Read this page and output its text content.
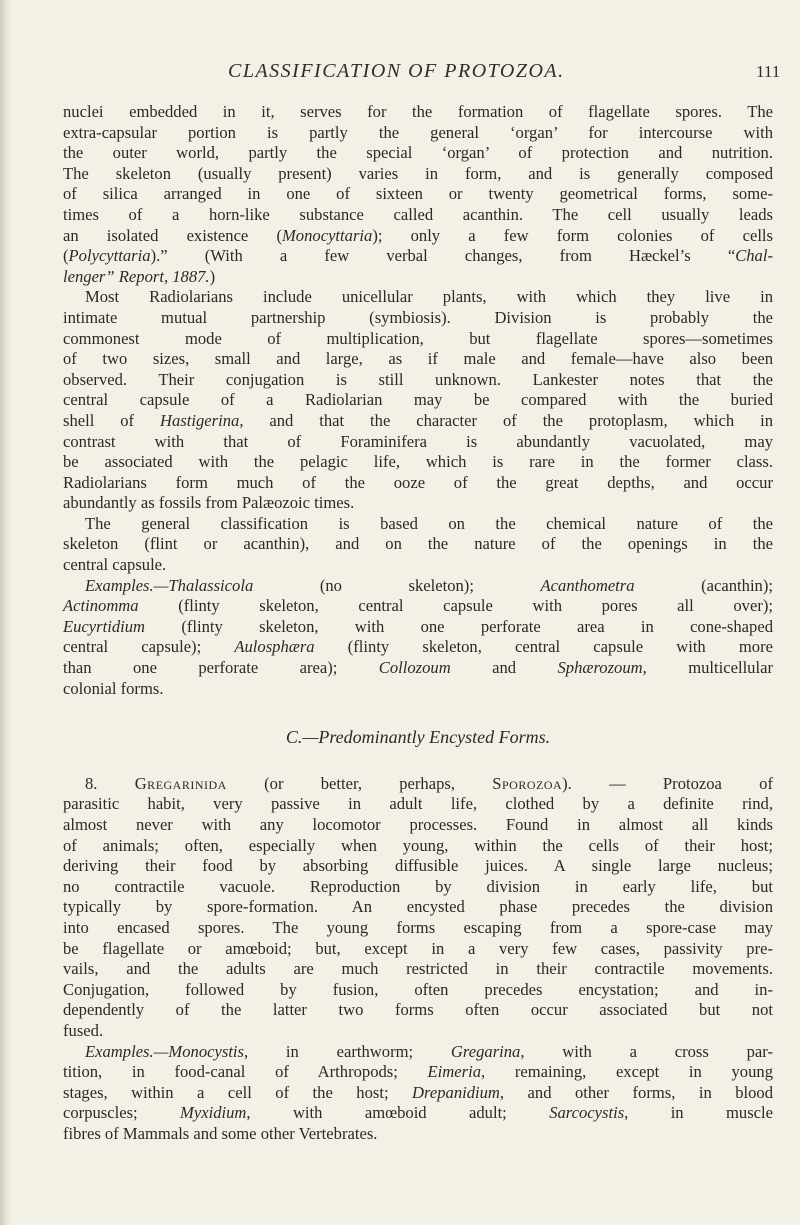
CLASSIFICATION OF PROTOZOA.	111
nuclei embedded in it, serves for the formation of flagellate spores. The
extra-capsular portion is partly the general ‘organ’ for intercourse with
the outer world, partly the special ‘organ’ of protection and nutrition.
The skeleton (usually present) varies in form, and is generally composed
of silica arranged in one of sixteen or twenty geometrical forms, some-
times of a horn-like substance called acanthin. The cell usually leads
an isolated existence (Monocyttaria); only a few form colonies of cells
(Polycyttaria).” (With a few verbal changes, from Hæckel’s “Chal-
lenger” Report, 1887.)
Most Radiolarians include unicellular plants, with which they live in
intimate mutual partnership (symbiosis). Division is probably the
commonest mode of multiplication, but flagellate spores—sometimes
of two sizes, small and large, as if male and female—have also been
observed. Their conjugation is still unknown. Lankester notes that the
central capsule of a Radiolarian may be compared with the buried
shell of Hastigerina, and that the character of the protoplasm, which in
contrast with that of Foraminifera is abundantly vacuolated, may
be associated with the pelagic life, which is rare in the former class.
Radiolarians form much of the ooze of the great depths, and occur
abundantly as fossils from Palæozoic times.
The general classification is based on the chemical nature of the
skeleton (flint or acanthin), and on the nature of the openings in the
central capsule.
Examples.—Thalassicola (no skeleton); Acanthometra (acanthin);
Actinomma (flinty skeleton, central capsule with pores all over);
Eucyrtidium (flinty skeleton, with one perforate area in cone-shaped
central capsule); Aulosphæra (flinty skeleton, central capsule with more
than one perforate area); Collozoum and Sphærozoum, multicellular
colonial forms.
C.—Predominantly Encysted Forms.
8. Gregarinida (or better, perhaps, Sporozoa). — Protozoa of
parasitic habit, very passive in adult life, clothed by a definite rind,
almost never with any locomotor processes. Found in almost all kinds
of animals; often, especially when young, within the cells of their host;
deriving their food by absorbing diffusible juices. A single large nucleus;
no contractile vacuole. Reproduction by division in early life, but
typically by spore-formation. An encysted phase precedes the division
into encased spores. The young forms escaping from a spore-case may
be flagellate or amœboid; but, except in a very few cases, passivity pre-
vails, and the adults are much restricted in their contractile movements.
Conjugation, followed by fusion, often precedes encystation; and in-
dependently of the latter two forms often occur associated but not
fused.
Examples.—Monocystis, in earthworm; Gregarina, with a cross par-
tition, in food-canal of Arthropods; Eimeria, remaining, except in young
stages, within a cell of the host; Drepanidium, and other forms, in blood
corpuscles; Myxidium, with amœboid adult; Sarcocystis, in muscle
fibres of Mammals and some other Vertebrates.
